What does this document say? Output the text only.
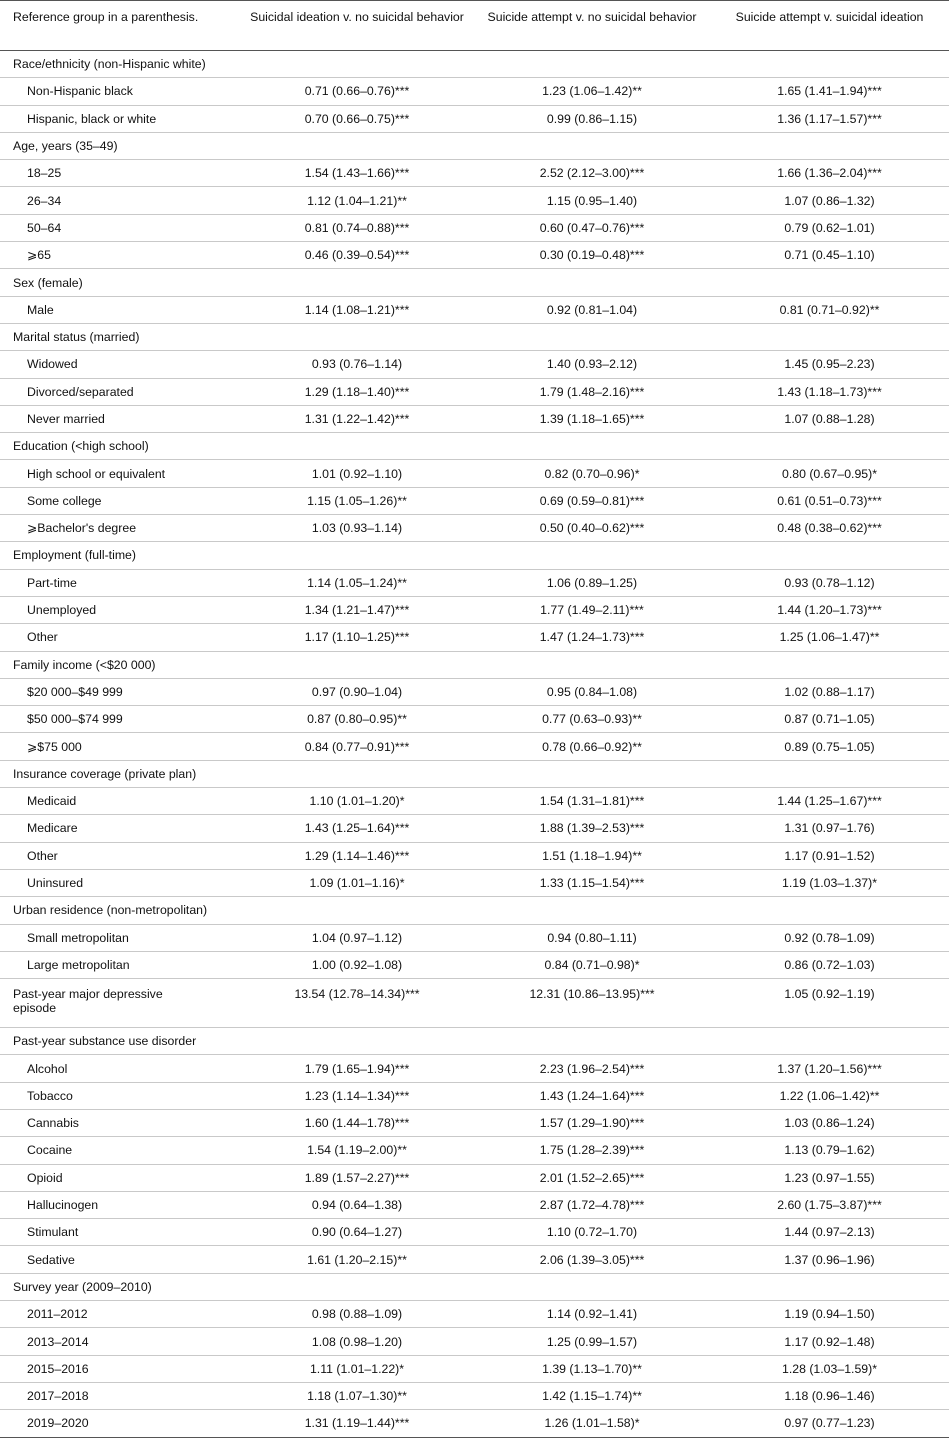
Reference group in a parenthesis.	Suicidal ideation v. no suicidal behavior	Suicide attempt v. no suicidal behavior	Suicide attempt v. suicidal ideation
Race/ethnicity (non-Hispanic white)			
Non-Hispanic black	0.71 (0.66–0.76)***	1.23 (1.06–1.42)**	1.65 (1.41–1.94)***
Hispanic, black or white	0.70 (0.66–0.75)***	0.99 (0.86–1.15)	1.36 (1.17–1.57)***
Age, years (35–49)			
18–25	1.54 (1.43–1.66)***	2.52 (2.12–3.00)***	1.66 (1.36–2.04)***
26–34	1.12 (1.04–1.21)**	1.15 (0.95–1.40)	1.07 (0.86–1.32)
50–64	0.81 (0.74–0.88)***	0.60 (0.47–0.76)***	0.79 (0.62–1.01)
⩾65	0.46 (0.39–0.54)***	0.30 (0.19–0.48)***	0.71 (0.45–1.10)
Sex (female)			
Male	1.14 (1.08–1.21)***	0.92 (0.81–1.04)	0.81 (0.71–0.92)**
Marital status (married)			
Widowed	0.93 (0.76–1.14)	1.40 (0.93–2.12)	1.45 (0.95–2.23)
Divorced/separated	1.29 (1.18–1.40)***	1.79 (1.48–2.16)***	1.43 (1.18–1.73)***
Never married	1.31 (1.22–1.42)***	1.39 (1.18–1.65)***	1.07 (0.88–1.28)
Education (<high school)			
High school or equivalent	1.01 (0.92–1.10)	0.82 (0.70–0.96)*	0.80 (0.67–0.95)*
Some college	1.15 (1.05–1.26)**	0.69 (0.59–0.81)***	0.61 (0.51–0.73)***
⩾Bachelor's degree	1.03 (0.93–1.14)	0.50 (0.40–0.62)***	0.48 (0.38–0.62)***
Employment (full-time)			
Part-time	1.14 (1.05–1.24)**	1.06 (0.89–1.25)	0.93 (0.78–1.12)
Unemployed	1.34 (1.21–1.47)***	1.77 (1.49–2.11)***	1.44 (1.20–1.73)***
Other	1.17 (1.10–1.25)***	1.47 (1.24–1.73)***	1.25 (1.06–1.47)**
Family income (<$20 000)			
$20 000–$49 999	0.97 (0.90–1.04)	0.95 (0.84–1.08)	1.02 (0.88–1.17)
$50 000–$74 999	0.87 (0.80–0.95)**	0.77 (0.63–0.93)**	0.87 (0.71–1.05)
⩾$75 000	0.84 (0.77–0.91)***	0.78 (0.66–0.92)**	0.89 (0.75–1.05)
Insurance coverage (private plan)			
Medicaid	1.10 (1.01–1.20)*	1.54 (1.31–1.81)***	1.44 (1.25–1.67)***
Medicare	1.43 (1.25–1.64)***	1.88 (1.39–2.53)***	1.31 (0.97–1.76)
Other	1.29 (1.14–1.46)***	1.51 (1.18–1.94)**	1.17 (0.91–1.52)
Uninsured	1.09 (1.01–1.16)*	1.33 (1.15–1.54)***	1.19 (1.03–1.37)*
Urban residence (non-metropolitan)			
Small metropolitan	1.04 (0.97–1.12)	0.94 (0.80–1.11)	0.92 (0.78–1.09)
Large metropolitan	1.00 (0.92–1.08)	0.84 (0.71–0.98)*	0.86 (0.72–1.03)
Past-year major depressive episode	13.54 (12.78–14.34)***	12.31 (10.86–13.95)***	1.05 (0.92–1.19)
Past-year substance use disorder			
Alcohol	1.79 (1.65–1.94)***	2.23 (1.96–2.54)***	1.37 (1.20–1.56)***
Tobacco	1.23 (1.14–1.34)***	1.43 (1.24–1.64)***	1.22 (1.06–1.42)**
Cannabis	1.60 (1.44–1.78)***	1.57 (1.29–1.90)***	1.03 (0.86–1.24)
Cocaine	1.54 (1.19–2.00)**	1.75 (1.28–2.39)***	1.13 (0.79–1.62)
Opioid	1.89 (1.57–2.27)***	2.01 (1.52–2.65)***	1.23 (0.97–1.55)
Hallucinogen	0.94 (0.64–1.38)	2.87 (1.72–4.78)***	2.60 (1.75–3.87)***
Stimulant	0.90 (0.64–1.27)	1.10 (0.72–1.70)	1.44 (0.97–2.13)
Sedative	1.61 (1.20–2.15)**	2.06 (1.39–3.05)***	1.37 (0.96–1.96)
Survey year (2009–2010)			
2011–2012	0.98 (0.88–1.09)	1.14 (0.92–1.41)	1.19 (0.94–1.50)
2013–2014	1.08 (0.98–1.20)	1.25 (0.99–1.57)	1.17 (0.92–1.48)
2015–2016	1.11 (1.01–1.22)*	1.39 (1.13–1.70)**	1.28 (1.03–1.59)*
2017–2018	1.18 (1.07–1.30)**	1.42 (1.15–1.74)**	1.18 (0.96–1.46)
2019–2020	1.31 (1.19–1.44)***	1.26 (1.01–1.58)*	0.97 (0.77–1.23)
